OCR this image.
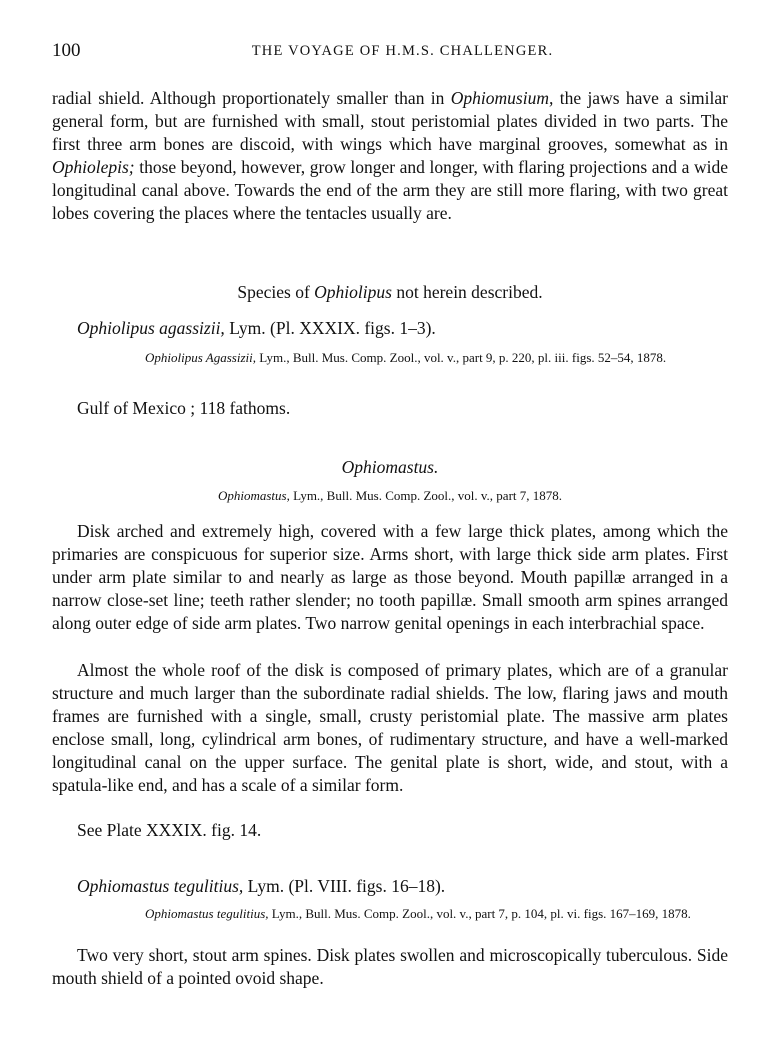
100	THE VOYAGE OF H.M.S. CHALLENGER.

radial shield. Although proportionately smaller than in Ophiomusium, the jaws have a similar general form, but are furnished with small, stout peristomial plates divided in two parts. The first three arm bones are discoid, with wings which have marginal grooves, somewhat as in Ophiolepis; those beyond, however, grow longer and longer, with flaring projections and a wide longitudinal canal above. Towards the end of the arm they are still more flaring, with two great lobes covering the places where the tentacles usually are.

Species of Ophiolipus not herein described.

Ophiolipus agassizii, Lym. (Pl. XXXIX. figs. 1–3).

Ophiolipus Agassizii, Lym., Bull. Mus. Comp. Zool., vol. v., part 9, p. 220, pl. iii. figs. 52–54, 1878.

Gulf of Mexico ; 118 fathoms.

Ophiomastus.

Ophiomastus, Lym., Bull. Mus. Comp. Zool., vol. v., part 7, 1878.

Disk arched and extremely high, covered with a few large thick plates, among which the primaries are conspicuous for superior size. Arms short, with large thick side arm plates. First under arm plate similar to and nearly as large as those beyond. Mouth papillæ arranged in a narrow close-set line; teeth rather slender; no tooth papillæ. Small smooth arm spines arranged along outer edge of side arm plates. Two narrow genital openings in each interbrachial space.

Almost the whole roof of the disk is composed of primary plates, which are of a granular structure and much larger than the subordinate radial shields. The low, flaring jaws and mouth frames are furnished with a single, small, crusty peristomial plate. The massive arm plates enclose small, long, cylindrical arm bones, of rudimentary structure, and have a well-marked longitudinal canal on the upper surface. The genital plate is short, wide, and stout, with a spatula-like end, and has a scale of a similar form.

See Plate XXXIX. fig. 14.

Ophiomastus tegulitius, Lym. (Pl. VIII. figs. 16–18).

Ophiomastus tegulitius, Lym., Bull. Mus. Comp. Zool., vol. v., part 7, p. 104, pl. vi. figs. 167–169, 1878.

Two very short, stout arm spines. Disk plates swollen and microscopically tuberculous. Side mouth shield of a pointed ovoid shape.
